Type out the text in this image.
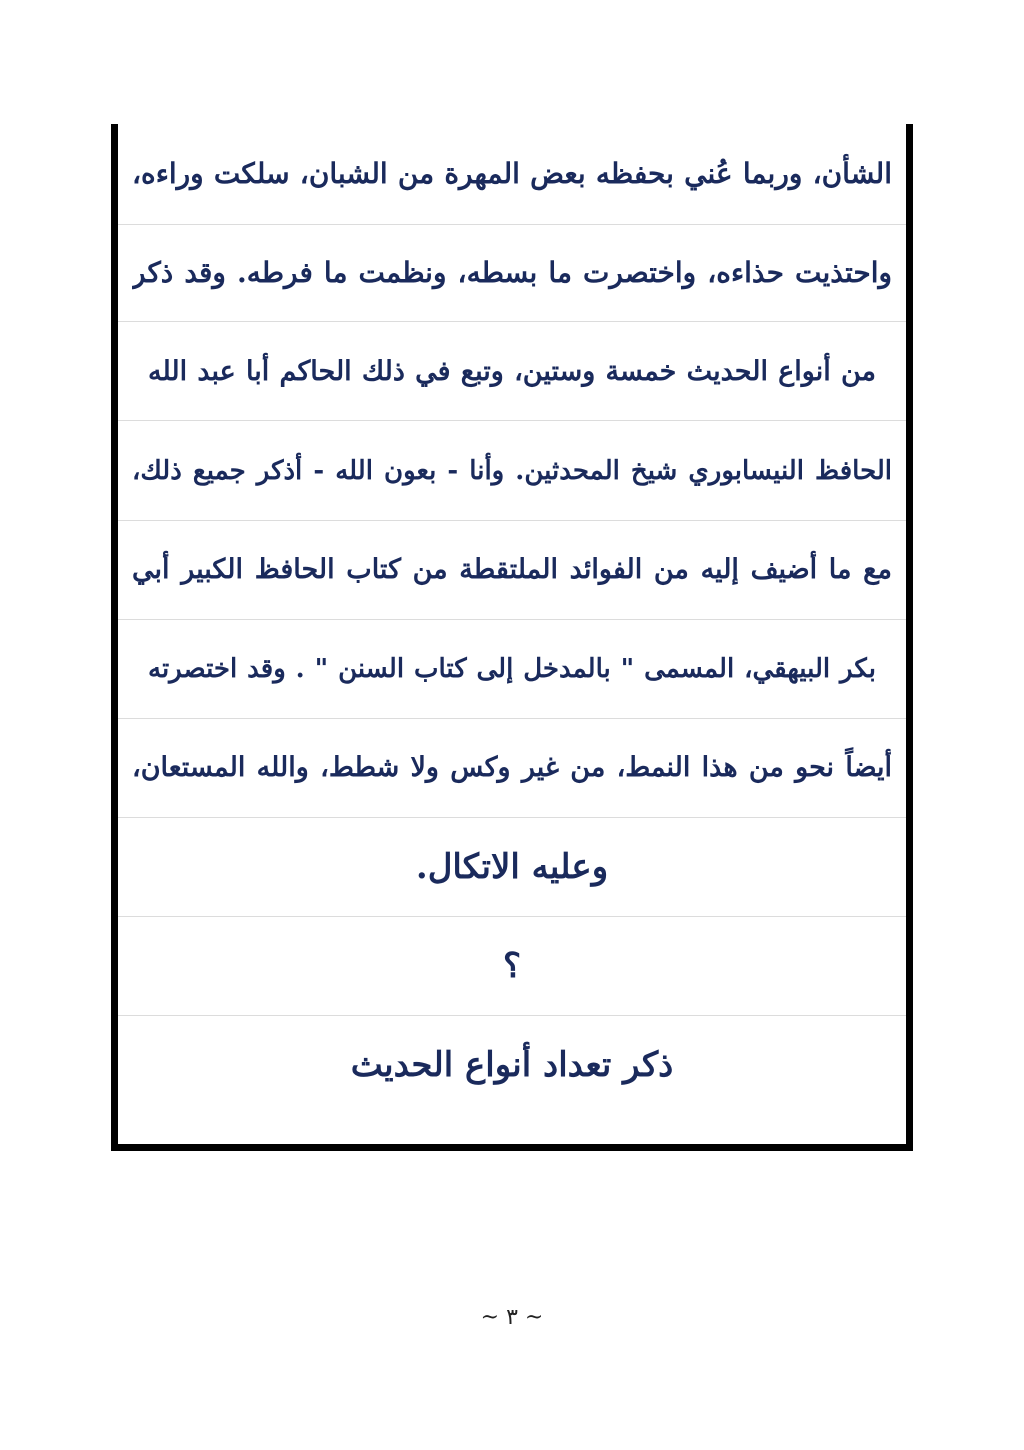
الشأن، وربما عُني بحفظه بعض المهرة من الشبان، سلكت وراءه،
واحتذيت حذاءه، واختصرت ما بسطه، ونظمت ما فرطه. وقد ذكر
من أنواع الحديث خمسة وستين، وتبع في ذلك الحاكم أبا عبد الله
الحافظ النيسابوري شيخ المحدثين. وأنا - بعون الله - أذكر جميع ذلك،
مع ما أضيف إليه من الفوائد الملتقطة من كتاب الحافظ الكبير أبي
بكر البيهقي، المسمى " بالمدخل إلى كتاب السنن " . وقد اختصرته
أيضاً نحو من هذا النمط، من غير وكس ولا شطط، والله المستعان،
وعليه الاتكال.
؟
ذكر تعداد أنواع الحديث
~ ٣ ~
